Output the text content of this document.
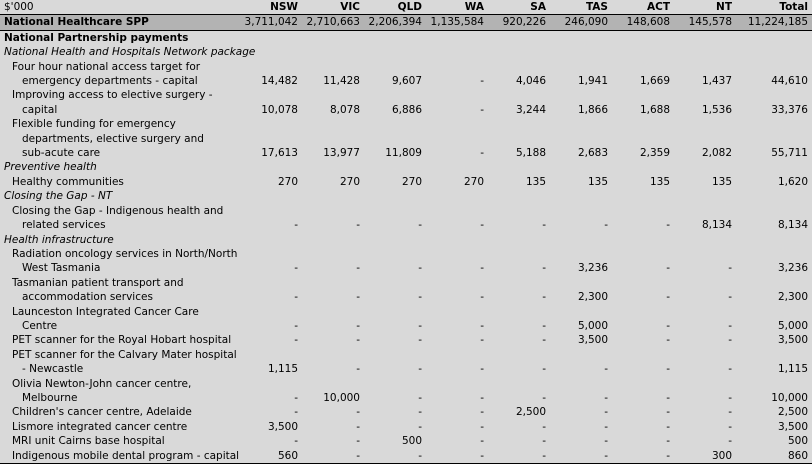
$'000	NSW	VIC	QLD	WA	SA	TAS	ACT	NT	Total
National Healthcare SPP	3,711,042	2,710,663	2,206,394	1,135,584	920,226	246,090	148,608	145,578	11,224,185
National Partnership payments									
National Health and Hospitals Network package									
Four hour national access target for									
emergency departments - capital	14,482	11,428	9,607	-	4,046	1,941	1,669	1,437	44,610
Improving access to elective surgery -									
capital	10,078	8,078	6,886	-	3,244	1,866	1,688	1,536	33,376
Flexible funding for emergency									
departments, elective surgery and									
sub-acute care	17,613	13,977	11,809	-	5,188	2,683	2,359	2,082	55,711
Preventive health									
Healthy communities	270	270	270	270	135	135	135	135	1,620
Closing the Gap - NT									
Closing the Gap - Indigenous health and									
related services	-	-	-	-	-	-	-	8,134	8,134
Health infrastructure									
Radiation oncology services in North/North									
West Tasmania	-	-	-	-	-	3,236	-	-	3,236
Tasmanian patient transport and									
accommodation services	-	-	-	-	-	2,300	-	-	2,300
Launceston Integrated Cancer Care									
Centre	-	-	-	-	-	5,000	-	-	5,000
PET scanner for the Royal Hobart hospital	-	-	-	-	-	3,500	-	-	3,500
PET scanner for the Calvary Mater hospital									
- Newcastle	1,115	-	-	-	-	-	-	-	1,115
Olivia Newton-John cancer centre,									
Melbourne	-	10,000	-	-	-	-	-	-	10,000
Children's cancer centre, Adelaide	-	-	-	-	2,500	-	-	-	2,500
Lismore integrated cancer centre	3,500	-	-	-	-	-	-	-	3,500
MRI unit Cairns base hospital	-	-	500	-	-	-	-	-	500
Indigenous mobile dental program - capital	560	-	-	-	-	-	-	300	860
